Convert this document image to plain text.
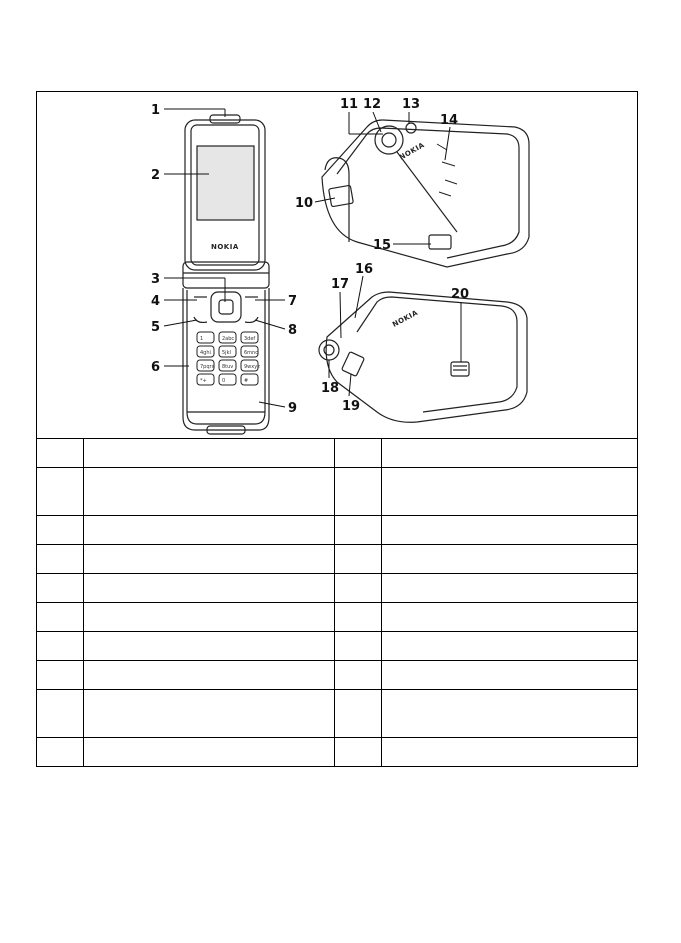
1	2abc 3def
4ghi 5jkl	6mno
7pqrs 8tuv 9wxyz
*+	0	#
NOKIA
NOKIA
NOKIA
1
2
3
4
5
6
7
8
9
10
11 12 13
14
15
16
17
18
19
20
